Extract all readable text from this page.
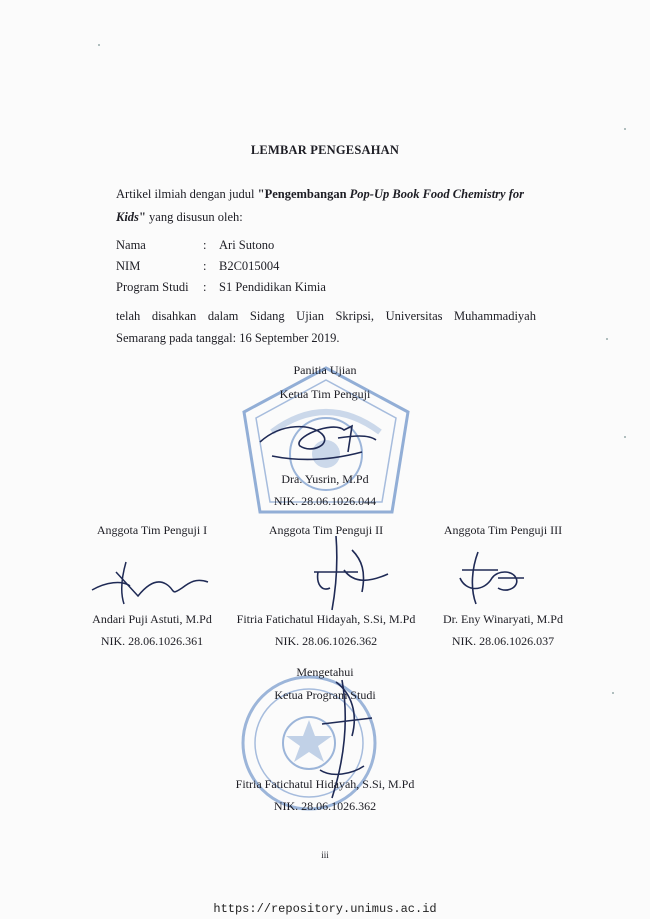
LEMBAR PENGESAHAN
Artikel ilmiah dengan judul "Pengembangan Pop-Up Book Food Chemistry for Kids" yang disusun oleh:
Nama	: Ari Sutono
NIM	: B2C015004
Program Studi : S1 Pendidikan Kimia
telah disahkan dalam Sidang Ujian Skripsi, Universitas Muhammadiyah
Semarang pada tanggal: 16 September 2019.
Panitia Ujian
Ketua Tim Penguji
Dra. Yusrin, M.Pd
NIK. 28.06.1026.044
Anggota Tim Penguji I	Anggota Tim Penguji II	Anggota Tim Penguji III
Andari Puji Astuti, M.Pd	Fitria Fatichatul Hidayah, S.Si, M.Pd	Dr. Eny Winaryati, M.Pd
NIK. 28.06.1026.361	NIK. 28.06.1026.362	NIK. 28.06.1026.037
Mengetahui
Ketua Program Studi
Fitria Fatichatul Hidayah, S.Si, M.Pd
NIK. 28.06.1026.362
iii
https://repository.unimus.ac.id
